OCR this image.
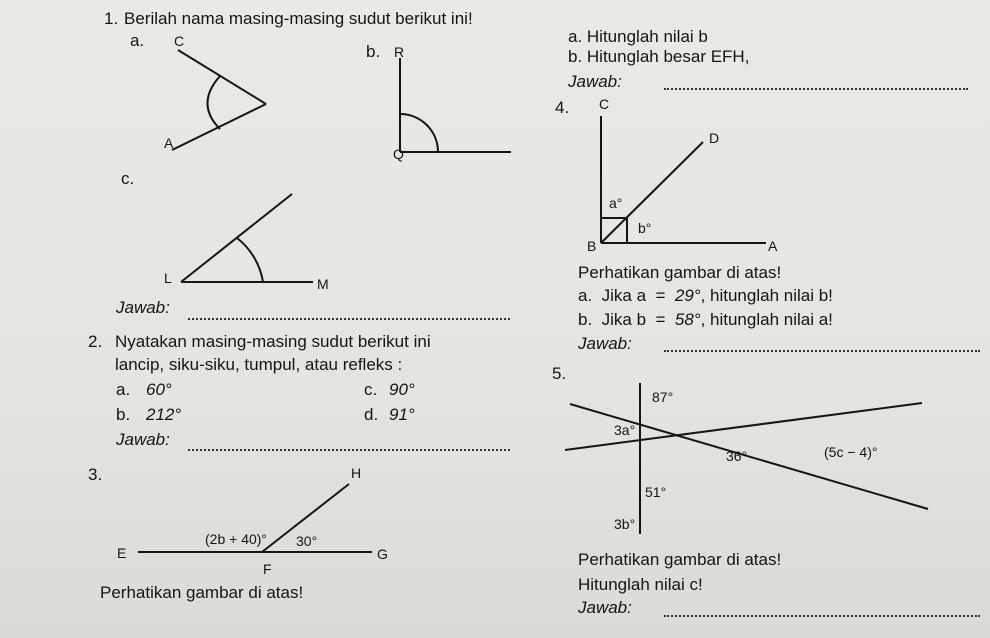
1. Berilah nama masing-masing sudut berikut ini!
a. C
A
b. R
Q
c.
L	M
Jawab:
2. Nyatakan masing-masing sudut berikut ini
lancip, siku-siku, tumpul, atau refleks :
a. 60°
b. 212°
c. 90°
d. 91°
Jawab:
3.	H
(2b + 40)° 30°
E	G
F
Perhatikan gambar di atas!
a. Hitunglah nilai b
b. Hitunglah besar EFH,
Jawab:
4. C
D
a°
b°
B	A
Perhatikan gambar di atas!
a.  Jika a  =  29°, hitunglah nilai b!
b.  Jika b  =  58°, hitunglah nilai a!
Jawab:
5.
87°
3a°
36°	(5c − 4)°
51°
3b°
Perhatikan gambar di atas!
Hitunglah nilai c!
Jawab:
